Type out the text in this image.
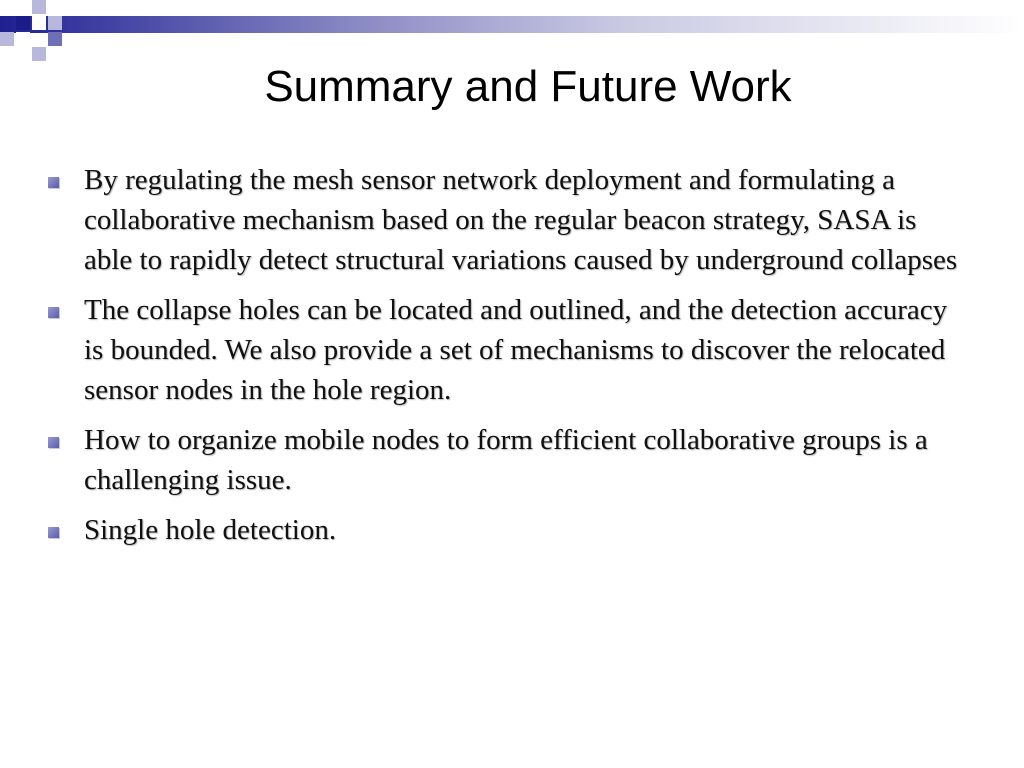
Summary and Future Work
By regulating the mesh sensor network deployment and formulating a collaborative mechanism based on the regular beacon strategy, SASA is able to rapidly detect structural variations caused by underground collapses
The collapse holes can be located and outlined, and the detection accuracy is bounded. We also provide a set of mechanisms to discover the relocated sensor nodes in the hole region.
How to organize mobile nodes to form efficient collaborative groups is a challenging issue.
Single hole detection.
